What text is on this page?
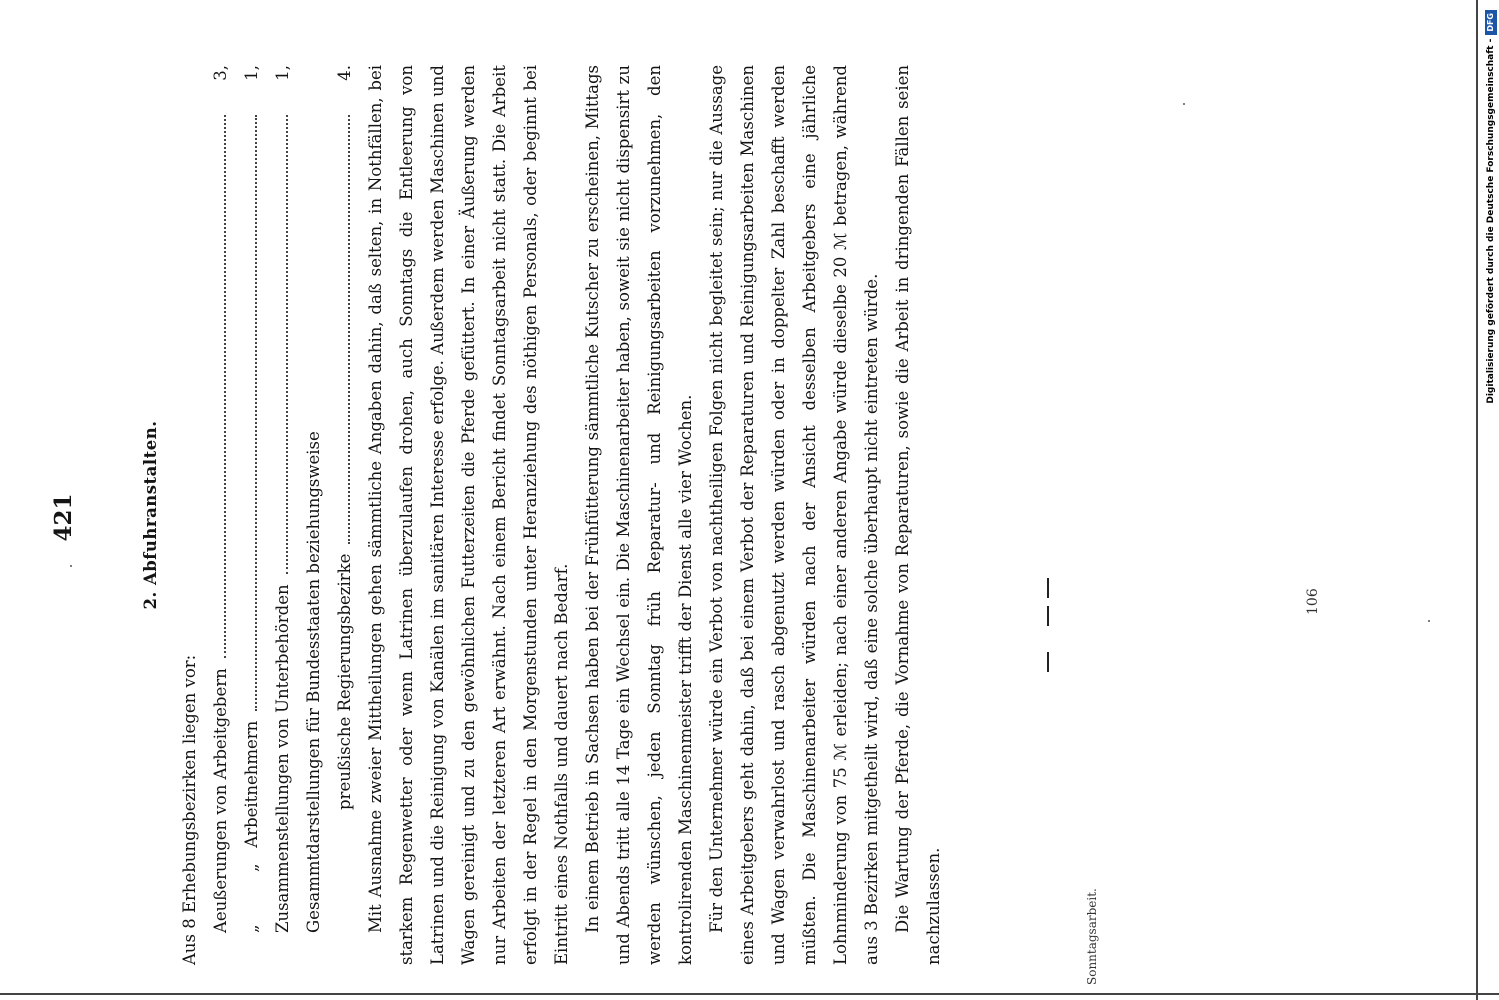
421	2. Abfuhranstalten.

Aus 8 Erhebungsbezirken liegen vor: Aeußerungen von Arbeitgebern
3,
„          „   Arbeitnehmern
1,
Zusammenstellungen von Unterbehörden
1,
Gesammtdarstellungen für Bundesstaaten beziehungsweise preußische Regierungsbezirke
4. Mit Ausnahme zweier Mittheilungen gehen sämmtliche Angaben dahin, daß selten, in Nothfällen, bei starkem Regenwetter oder wenn Latrinen überzulaufen drohen, auch Sonntags die Entleerung von Latrinen und die Reinigung von Kanälen im sanitären Interesse erfolge. Außerdem werden Maschinen und Wagen gereinigt und zu den gewöhnlichen Futterzeiten die Pferde gefüttert. In einer Äußerung werden nur Arbeiten der letzteren Art erwähnt. Nach einem Bericht findet Sonntagsarbeit nicht statt. Die Arbeit erfolgt in der Regel in den Morgenstunden unter Heranziehung des nöthigen Personals, oder beginnt bei Eintritt eines Nothfalls und dauert nach Bedarf. In einem Betrieb in Sachsen haben bei der Frühfütterung sämmtliche Kutscher zu erscheinen, Mittags und Abends tritt alle 14 Tage ein Wechsel ein. Die Maschinenarbeiter haben, soweit sie nicht dispensirt zu werden wünschen, jeden Sonntag früh Reparatur- und Reinigungsarbeiten vorzunehmen, den kontrolirenden Maschinenmeister trifft der Dienst alle vier Wochen. Für den Unternehmer würde ein Verbot von nachtheiligen Folgen nicht begleitet sein; nur die Aussage eines Arbeitgebers geht dahin, daß bei einem Verbot der Reparaturen und Reinigungsarbeiten Maschinen und Wagen verwahrlost und rasch abgenutzt werden würden oder in doppelter Zahl beschafft werden müßten. Die Maschinenarbeiter würden nach der Ansicht desselben Arbeitgebers eine jährliche Lohnminderung von 75 ℳ erleiden; nach einer anderen Angabe würde dieselbe 20 ℳ betragen, während aus 3 Bezirken mitgetheilt wird, daß eine solche überhaupt nicht eintreten würde. Die Wartung der Pferde, die Vornahme von Reparaturen, sowie die Arbeit in dringenden Fällen seien nachzulassen.	Sonntagsarbeit.
106
Digitalisierung gefördert durch die Deutsche Forschungsgemeinschaft -
DFG
